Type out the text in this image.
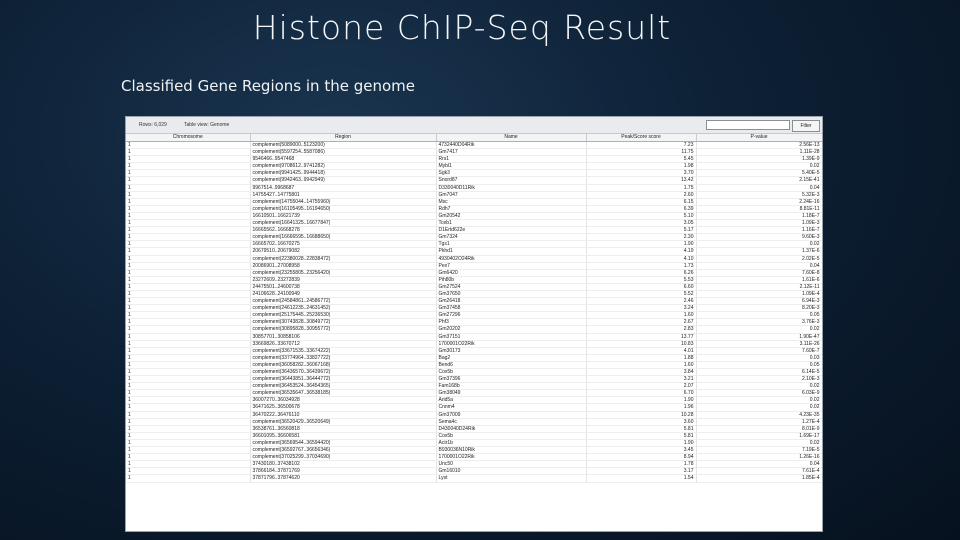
Histone ChIP-Seq Result
Classified Gene Regions in the genome
Rows: 6,029	Table view: Genome	Filter
Chromosome	Region	Name	Peak/Score score	P-value
1	complement(5089000..5123200)	4732440D04Rik	7.23	2.56E-13
1	complement(5597254..5587086)	Gm7417	11.75	1.11E-28
1	9546466..9547468	Rrs1	5.45	1.39E-9
1	complement(9708612..9741282)	Mybl1	1.98	0.02
1	complement(9941425..9944418)	Sgk3	3.70	5.40E-5
1	complement(9942463..9942949)	Snord87	13.42	2.15E-41
1	9967514..9968687	D330040D11Rik	1.75	0.04
1	14755427..14775801	Gm7047	2.60	5.32E-3
1	complement(14755044..14755960)	Msc	6.15	2.24E-16
1	complement(16105495..16194650)	Rdh7	6.39	8.81E-11
1	16610501..16621739	Gm20542	5.10	1.18E-7
1	complement(16641325..16677847)	Tceb1	3.05	1.09E-3
1	16665562..16668278	D1Ertd622e	5.17	1.16E-7
1	complement(16666595..16688650)	Gm7324	2.30	9.60E-3
1	16665702..16670275	Tgs1	1.90	0.02
1	20679510..20679082	Pkhd1	4.19	1.37E-6
1	complement(22380028..22838472)	4930402O24Rik	4.10	2.02E-5
1	20086901..27008958	Pex7	1.73	0.04
1	complement(23255805..23256420)	Gm6420	6.26	7.60E-8
1	23272609..23272839	Pih80b	5.53	1.61E-6
1	24475501..24600738	Gm27524	6.60	2.12E-11
1	24106628..24100949	Gm37650	5.52	1.09E-4
1	complement(24584861..24586772)	Gm26418	2.46	6.94E-3
1	complement(24612235..24631452)	Gm37458	3.24	8.20E-3
1	complement(25175445..25236530)	Gm27296	1.60	0.05
1	complement(30743828..30849772)	Phf3	2.67	3.76E-3
1	complement(30895828..30955772)	Gm20202	2.83	0.02
1	30857701..30858106	Gm37151	13.77	1.90E-47
1	33669826..33670712	1700001O22Rik	10.83	3.11E-26
1	complement(33671535..33674222)	Gm30173	4.01	7.60E-7
1	complement(33774964..33827722)	Bag2	1.88	0.03
1	complement(36058282..36067168)	Bend6	1.60	0.05
1	complement(36436570..36439672)	Cox5b	3.84	6.14E-5
1	complement(36443851..36444772)	Gm37396	3.21	2.10E-3
1	complement(36453524..36454365)	Fam168b	2.07	0.02
1	complement(36535647..36538185)	Gm38049	6.70	6.03E-9
1	36007270..36034928	Arid5a	1.90	0.02
1	36471625..36500678	Cnnm4	1.96	0.02
1	36470222..36476110	Gm37009	10.28	4.23E-35
1	complement(36520429..36520649)	Sema4c	3.60	1.27E-4
1	36538761..36560818	D430040D24Rik	5.81	8.01E-9
1	36601095..36606581	Cox5b	5.81	1.69E-17
1	complement(36569544..36594420)	Actr1b	1.90	0.02
1	complement(36592767..36656346)	B930036N10Rik	3.45	7.19E-5
1	complement(37025299..37034690)	1700001O22Rik	8.94	1.26E-16
1	37430180..37438102	Unc50	1.78	0.04
1	37866184..37871769	Gm16010	3.17	7.61E-4
1	37871796..37874620	Lyst	1.54	1.85E-4
